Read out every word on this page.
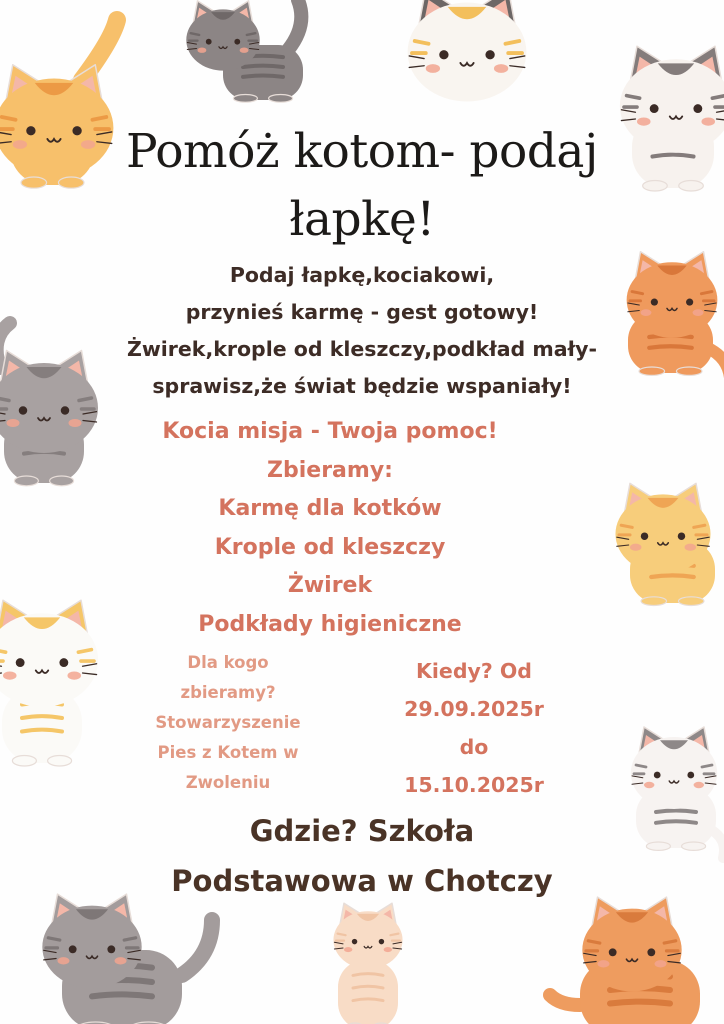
Pomóż kotom- podaj
łapkę!
Podaj łapkę,kociakowi,
przynieś karmę - gest gotowy!
Żwirek,krople od kleszczy,podkład mały-
sprawisz,że świat będzie wspaniały!
Kocia misja - Twoja pomoc!
Zbieramy:
Karmę dla kotków
Krople od kleszczy
Żwirek
Podkłady higieniczne
Dla kogo
zbieramy?
Stowarzyszenie
Pies z Kotem w
Zwoleniu
Kiedy? Od
29.09.2025r
do
15.10.2025r
Gdzie? Szkoła
Podstawowa w Chotczy
